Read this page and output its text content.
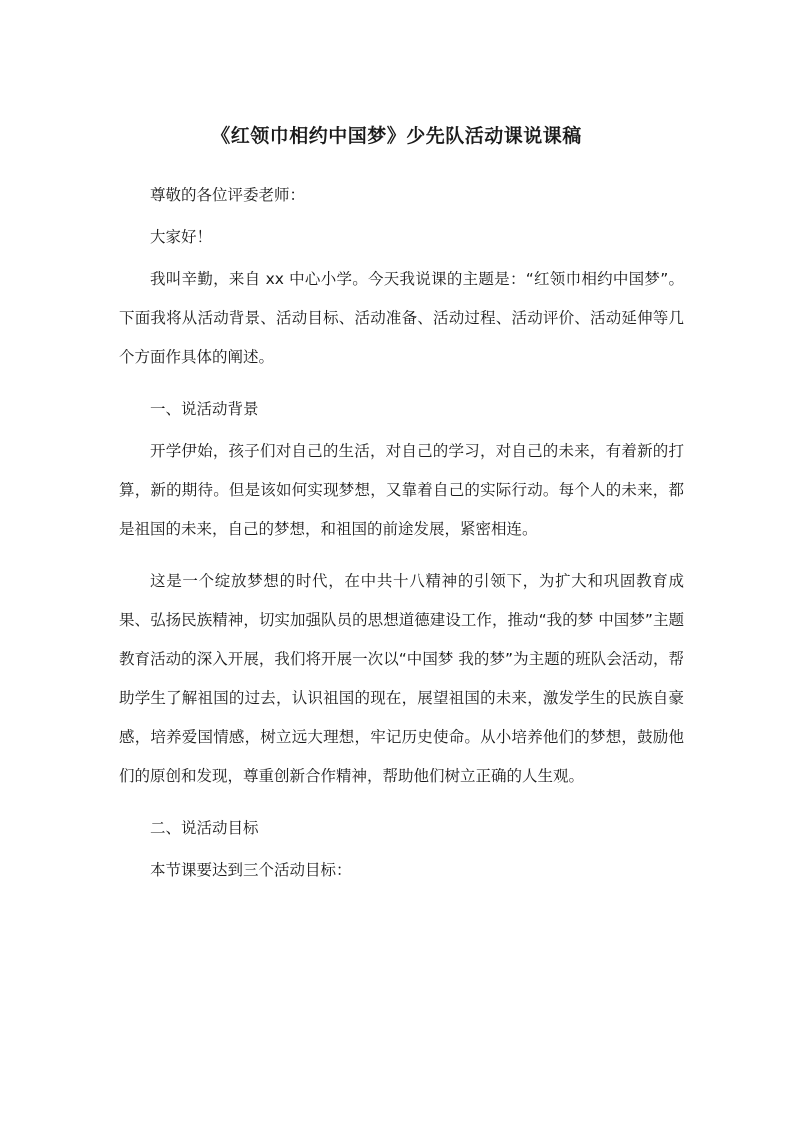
《红领巾相约中国梦》少先队活动课说课稿

尊敬的各位评委老师：

大家好！

我叫辛勤，来自 xx 中心小学。今天我说课的主题是：“红领巾相约中国梦”。下面我将从活动背景、活动目标、活动准备、活动过程、活动评价、活动延伸等几个方面作具体的阐述。

一、说活动背景

开学伊始，孩子们对自己的生活，对自己的学习，对自己的未来，有着新的打算，新的期待。但是该如何实现梦想，又靠着自己的实际行动。每个人的未来，都是祖国的未来，自己的梦想，和祖国的前途发展，紧密相连。

这是一个绽放梦想的时代，在中共十八精神的引领下，为扩大和巩固教育成果、弘扬民族精神，切实加强队员的思想道德建设工作，推动“我的梦 中国梦”主题教育活动的深入开展，我们将开展一次以“中国梦 我的梦”为主题的班队会活动，帮助学生了解祖国的过去，认识祖国的现在，展望祖国的未来，激发学生的民族自豪感，培养爱国情感，树立远大理想，牢记历史使命。从小培养他们的梦想，鼓励他们的原创和发现，尊重创新合作精神，帮助他们树立正确的人生观。

二、说活动目标

本节课要达到三个活动目标：
